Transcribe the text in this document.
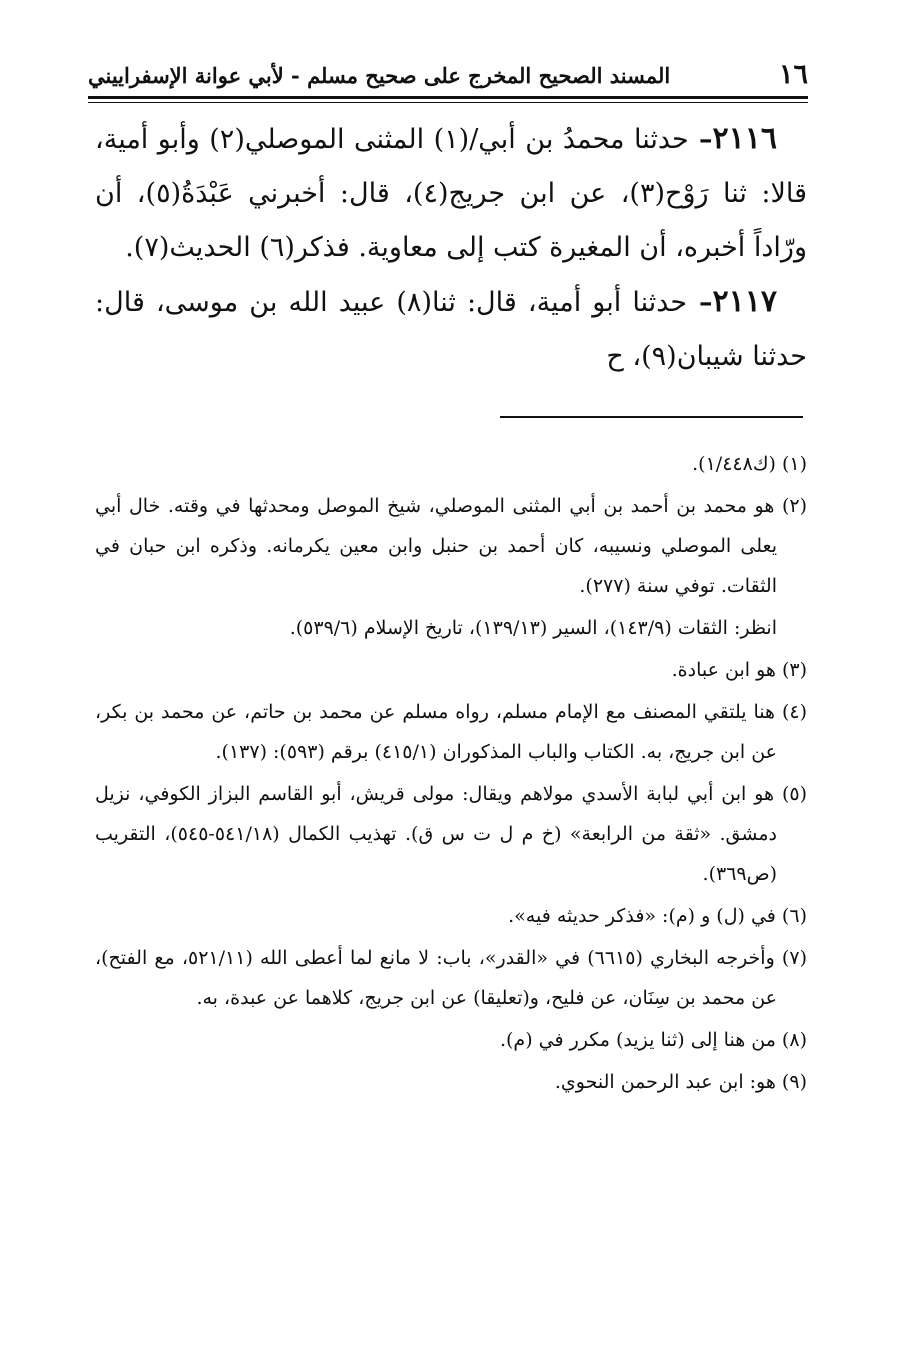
١٦
المسند الصحيح المخرج على صحيح مسلم - لأبي عوانة الإسفراييني

٢١١٦– حدثنا محمدُ بن أبي/(١) المثنى الموصلي(٢) وأبو أمية، قالا: ثنا رَوْح(٣)، عن ابن جريج(٤)، قال: أخبرني عَبْدَةُ(٥)، أن ورّاداً أخبره، أن المغيرة كتب إلى معاوية. فذكر(٦) الحديث(٧).

٢١١٧– حدثنا أبو أمية، قال: ثنا(٨) عبيد الله بن موسى، قال: حدثنا شيبان(٩)، ح

(١) (ك١/٤٤٨).

(٢) هو محمد بن أحمد بن أبي المثنى الموصلي، شيخ الموصل ومحدثها في وقته. خال أبي يعلى الموصلي ونسيبه، كان أحمد بن حنبل وابن معين يكرمانه. وذكره ابن حبان في الثقات. توفي سنة (٢٧٧).

انظر: الثقات (١٤٣/٩)، السير (١٣٩/١٣)، تاريخ الإسلام (٥٣٩/٦).

(٣) هو ابن عبادة.

(٤) هنا يلتقي المصنف مع الإمام مسلم، رواه مسلم عن محمد بن حاتم، عن محمد بن بكر، عن ابن جريج، به. الكتاب والباب المذكوران (٤١٥/١) برقم (٥٩٣): (١٣٧).

(٥) هو ابن أبي لبابة الأسدي مولاهم ويقال: مولى قريش، أبو القاسم البزاز الكوفي، نزيل دمشق. «ثقة من الرابعة» (خ م ل ت س ق). تهذيب الكمال (٥٤١/١٨-٥٤٥)، التقريب (ص٣٦٩).

(٦) في (ل) و (م): «فذكر حديثه فيه».

(٧) وأخرجه البخاري (٦٦١٥) في «القدر»، باب: لا مانع لما أعطى الله (٥٢١/١١، مع الفتح)، عن محمد بن سِنَان، عن فليح، و(تعليقا) عن ابن جريج، كلاهما عن عبدة، به.

(٨) من هنا إلى (ثنا يزيد) مكرر في (م).

(٩) هو: ابن عبد الرحمن النحوي.
